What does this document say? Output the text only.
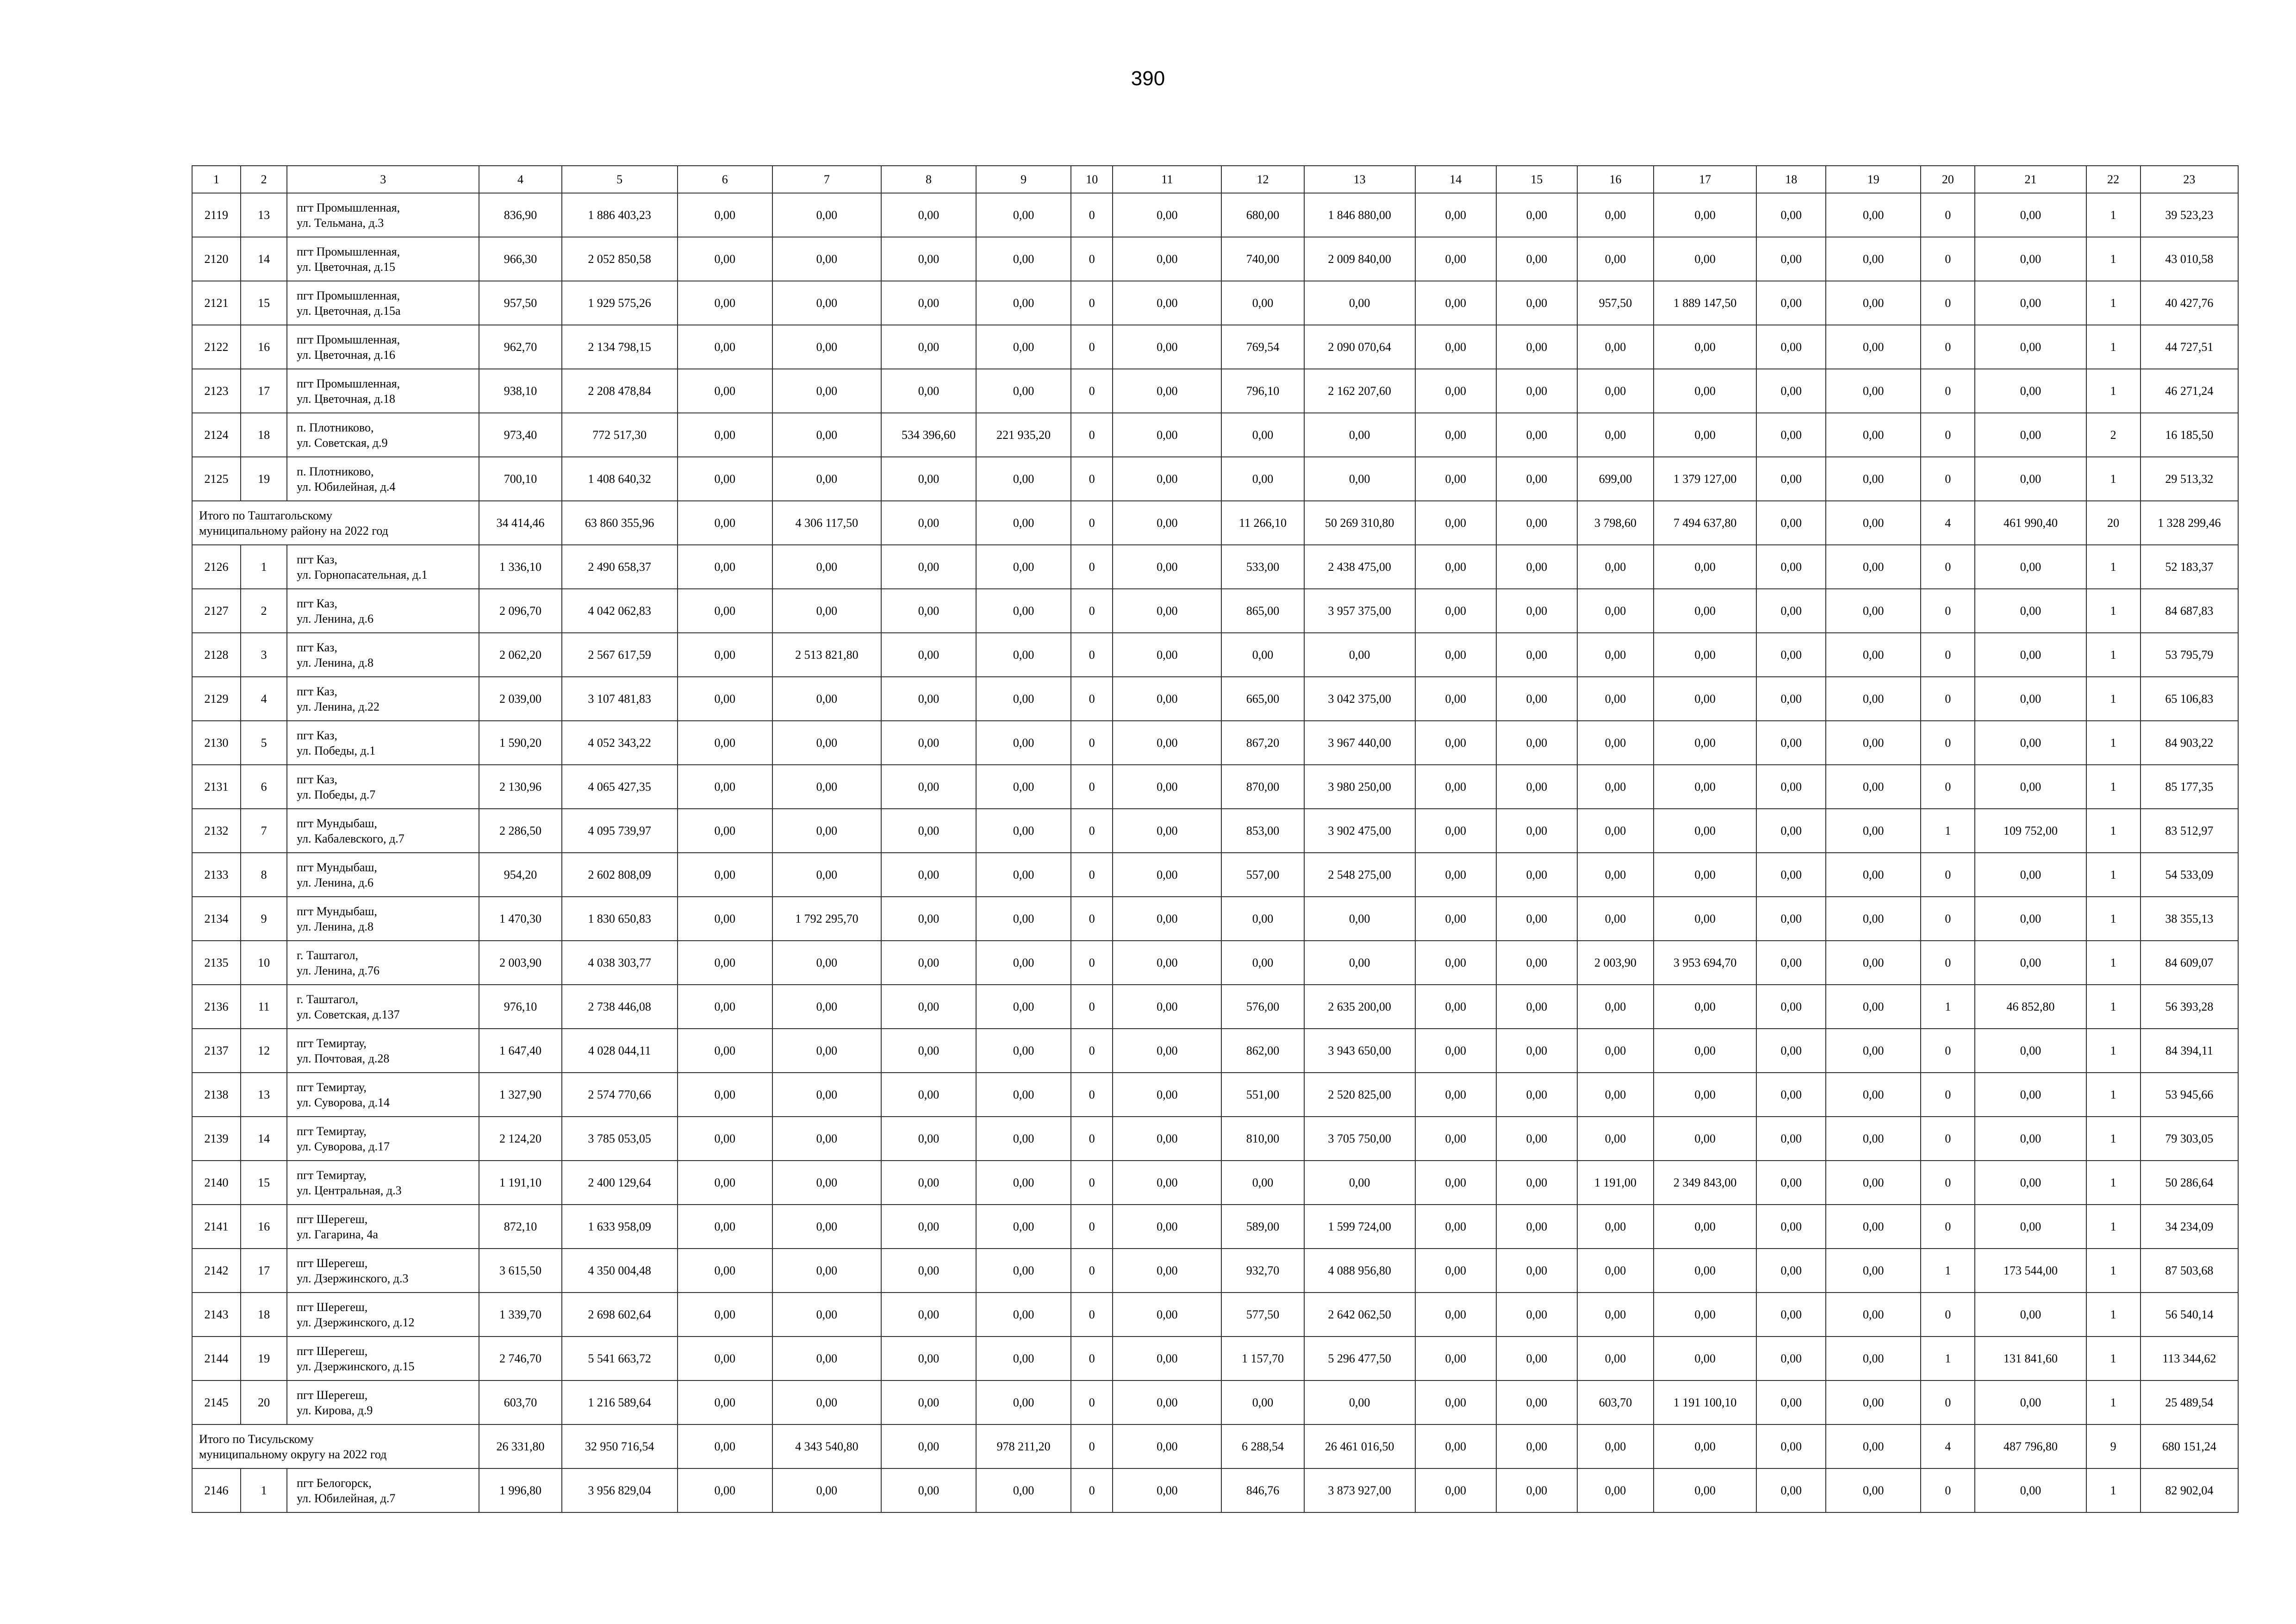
390
1	2	3	4	5	6	7	8	9	10	11	12	13	14	15	16	17	18	19	20	21	22	23
2119	13	пгт Промышленная,
ул. Тельмана, д.3	836,90	1 886 403,23	0,00	0,00	0,00	0,00	0	0,00	680,00	1 846 880,00	0,00	0,00	0,00	0,00	0,00	0,00	0	0,00	1	39 523,23
2120	14	пгт Промышленная,
ул. Цветочная, д.15	966,30	2 052 850,58	0,00	0,00	0,00	0,00	0	0,00	740,00	2 009 840,00	0,00	0,00	0,00	0,00	0,00	0,00	0	0,00	1	43 010,58
2121	15	пгт Промышленная,
ул. Цветочная, д.15а	957,50	1 929 575,26	0,00	0,00	0,00	0,00	0	0,00	0,00	0,00	0,00	0,00	957,50	1 889 147,50	0,00	0,00	0	0,00	1	40 427,76
2122	16	пгт Промышленная,
ул. Цветочная, д.16	962,70	2 134 798,15	0,00	0,00	0,00	0,00	0	0,00	769,54	2 090 070,64	0,00	0,00	0,00	0,00	0,00	0,00	0	0,00	1	44 727,51
2123	17	пгт Промышленная,
ул. Цветочная, д.18	938,10	2 208 478,84	0,00	0,00	0,00	0,00	0	0,00	796,10	2 162 207,60	0,00	0,00	0,00	0,00	0,00	0,00	0	0,00	1	46 271,24
2124	18	п. Плотниково,
ул. Советская, д.9	973,40	772 517,30	0,00	0,00	534 396,60	221 935,20	0	0,00	0,00	0,00	0,00	0,00	0,00	0,00	0,00	0,00	0	0,00	2	16 185,50
2125	19	п. Плотниково,
ул. Юбилейная, д.4	700,10	1 408 640,32	0,00	0,00	0,00	0,00	0	0,00	0,00	0,00	0,00	0,00	699,00	1 379 127,00	0,00	0,00	0	0,00	1	29 513,32

Итого по Таштагольскому
муниципальному району на 2022 год			34 414,46	63 860 355,96	0,00	4 306 117,50	0,00	0,00	0	0,00	11 266,10	50 269 310,80	0,00	0,00	3 798,60	7 494 637,80	0,00	0,00	4	461 990,40	20	1 328 299,46
2126	1	пгт Каз,
ул. Горнопасательная, д.1	1 336,10	2 490 658,37	0,00	0,00	0,00	0,00	0	0,00	533,00	2 438 475,00	0,00	0,00	0,00	0,00	0,00	0,00	0	0,00	1	52 183,37
2127	2	пгт Каз,
ул. Ленина, д.6	2 096,70	4 042 062,83	0,00	0,00	0,00	0,00	0	0,00	865,00	3 957 375,00	0,00	0,00	0,00	0,00	0,00	0,00	0	0,00	1	84 687,83
2128	3	пгт Каз,
ул. Ленина, д.8	2 062,20	2 567 617,59	0,00	2 513 821,80	0,00	0,00	0	0,00	0,00	0,00	0,00	0,00	0,00	0,00	0,00	0,00	0	0,00	1	53 795,79
2129	4	пгт Каз,
ул. Ленина, д.22	2 039,00	3 107 481,83	0,00	0,00	0,00	0,00	0	0,00	665,00	3 042 375,00	0,00	0,00	0,00	0,00	0,00	0,00	0	0,00	1	65 106,83
2130	5	пгт Каз,
ул. Победы, д.1	1 590,20	4 052 343,22	0,00	0,00	0,00	0,00	0	0,00	867,20	3 967 440,00	0,00	0,00	0,00	0,00	0,00	0,00	0	0,00	1	84 903,22
2131	6	пгт Каз,
ул. Победы, д.7	2 130,96	4 065 427,35	0,00	0,00	0,00	0,00	0	0,00	870,00	3 980 250,00	0,00	0,00	0,00	0,00	0,00	0,00	0	0,00	1	85 177,35
2132	7	пгт Мундыбаш,
ул. Кабалевского, д.7	2 286,50	4 095 739,97	0,00	0,00	0,00	0,00	0	0,00	853,00	3 902 475,00	0,00	0,00	0,00	0,00	0,00	0,00	1	109 752,00	1	83 512,97
2133	8	пгт Мундыбаш,
ул. Ленина, д.6	954,20	2 602 808,09	0,00	0,00	0,00	0,00	0	0,00	557,00	2 548 275,00	0,00	0,00	0,00	0,00	0,00	0,00	0	0,00	1	54 533,09
2134	9	пгт Мундыбаш,
ул. Ленина, д.8	1 470,30	1 830 650,83	0,00	1 792 295,70	0,00	0,00	0	0,00	0,00	0,00	0,00	0,00	0,00	0,00	0,00	0,00	0	0,00	1	38 355,13
2135	10	г. Таштагол,
ул. Ленина, д.76	2 003,90	4 038 303,77	0,00	0,00	0,00	0,00	0	0,00	0,00	0,00	0,00	0,00	2 003,90	3 953 694,70	0,00	0,00	0	0,00	1	84 609,07
2136	11	г. Таштагол,
ул. Советская, д.137	976,10	2 738 446,08	0,00	0,00	0,00	0,00	0	0,00	576,00	2 635 200,00	0,00	0,00	0,00	0,00	0,00	0,00	1	46 852,80	1	56 393,28
2137	12	пгт Темиртау,
ул. Почтовая, д.28	1 647,40	4 028 044,11	0,00	0,00	0,00	0,00	0	0,00	862,00	3 943 650,00	0,00	0,00	0,00	0,00	0,00	0,00	0	0,00	1	84 394,11
2138	13	пгт Темиртау,
ул. Суворова, д.14	1 327,90	2 574 770,66	0,00	0,00	0,00	0,00	0	0,00	551,00	2 520 825,00	0,00	0,00	0,00	0,00	0,00	0,00	0	0,00	1	53 945,66
2139	14	пгт Темиртау,
ул. Суворова, д.17	2 124,20	3 785 053,05	0,00	0,00	0,00	0,00	0	0,00	810,00	3 705 750,00	0,00	0,00	0,00	0,00	0,00	0,00	0	0,00	1	79 303,05
2140	15	пгт Темиртау,
ул. Центральная, д.3	1 191,10	2 400 129,64	0,00	0,00	0,00	0,00	0	0,00	0,00	0,00	0,00	0,00	1 191,00	2 349 843,00	0,00	0,00	0	0,00	1	50 286,64
2141	16	пгт Шерегеш,
ул. Гагарина, 4а	872,10	1 633 958,09	0,00	0,00	0,00	0,00	0	0,00	589,00	1 599 724,00	0,00	0,00	0,00	0,00	0,00	0,00	0	0,00	1	34 234,09
2142	17	пгт Шерегеш,
ул. Дзержинского, д.3	3 615,50	4 350 004,48	0,00	0,00	0,00	0,00	0	0,00	932,70	4 088 956,80	0,00	0,00	0,00	0,00	0,00	0,00	1	173 544,00	1	87 503,68
2143	18	пгт Шерегеш,
ул. Дзержинского, д.12	1 339,70	2 698 602,64	0,00	0,00	0,00	0,00	0	0,00	577,50	2 642 062,50	0,00	0,00	0,00	0,00	0,00	0,00	0	0,00	1	56 540,14
2144	19	пгт Шерегеш,
ул. Дзержинского, д.15	2 746,70	5 541 663,72	0,00	0,00	0,00	0,00	0	0,00	1 157,70	5 296 477,50	0,00	0,00	0,00	0,00	0,00	0,00	1	131 841,60	1	113 344,62
2145	20	пгт Шерегеш,
ул. Кирова, д.9	603,70	1 216 589,64	0,00	0,00	0,00	0,00	0	0,00	0,00	0,00	0,00	0,00	603,70	1 191 100,10	0,00	0,00	0	0,00	1	25 489,54

Итого по Тисульскому
муниципальному округу на 2022 год			26 331,80	32 950 716,54	0,00	4 343 540,80	0,00	978 211,20	0	0,00	6 288,54	26 461 016,50	0,00	0,00	0,00	0,00	0,00	0,00	4	487 796,80	9	680 151,24
2146	1	пгт Белогорск,
ул. Юбилейная, д.7	1 996,80	3 956 829,04	0,00	0,00	0,00	0,00	0	0,00	846,76	3 873 927,00	0,00	0,00	0,00	0,00	0,00	0,00	0	0,00	1	82 902,04
